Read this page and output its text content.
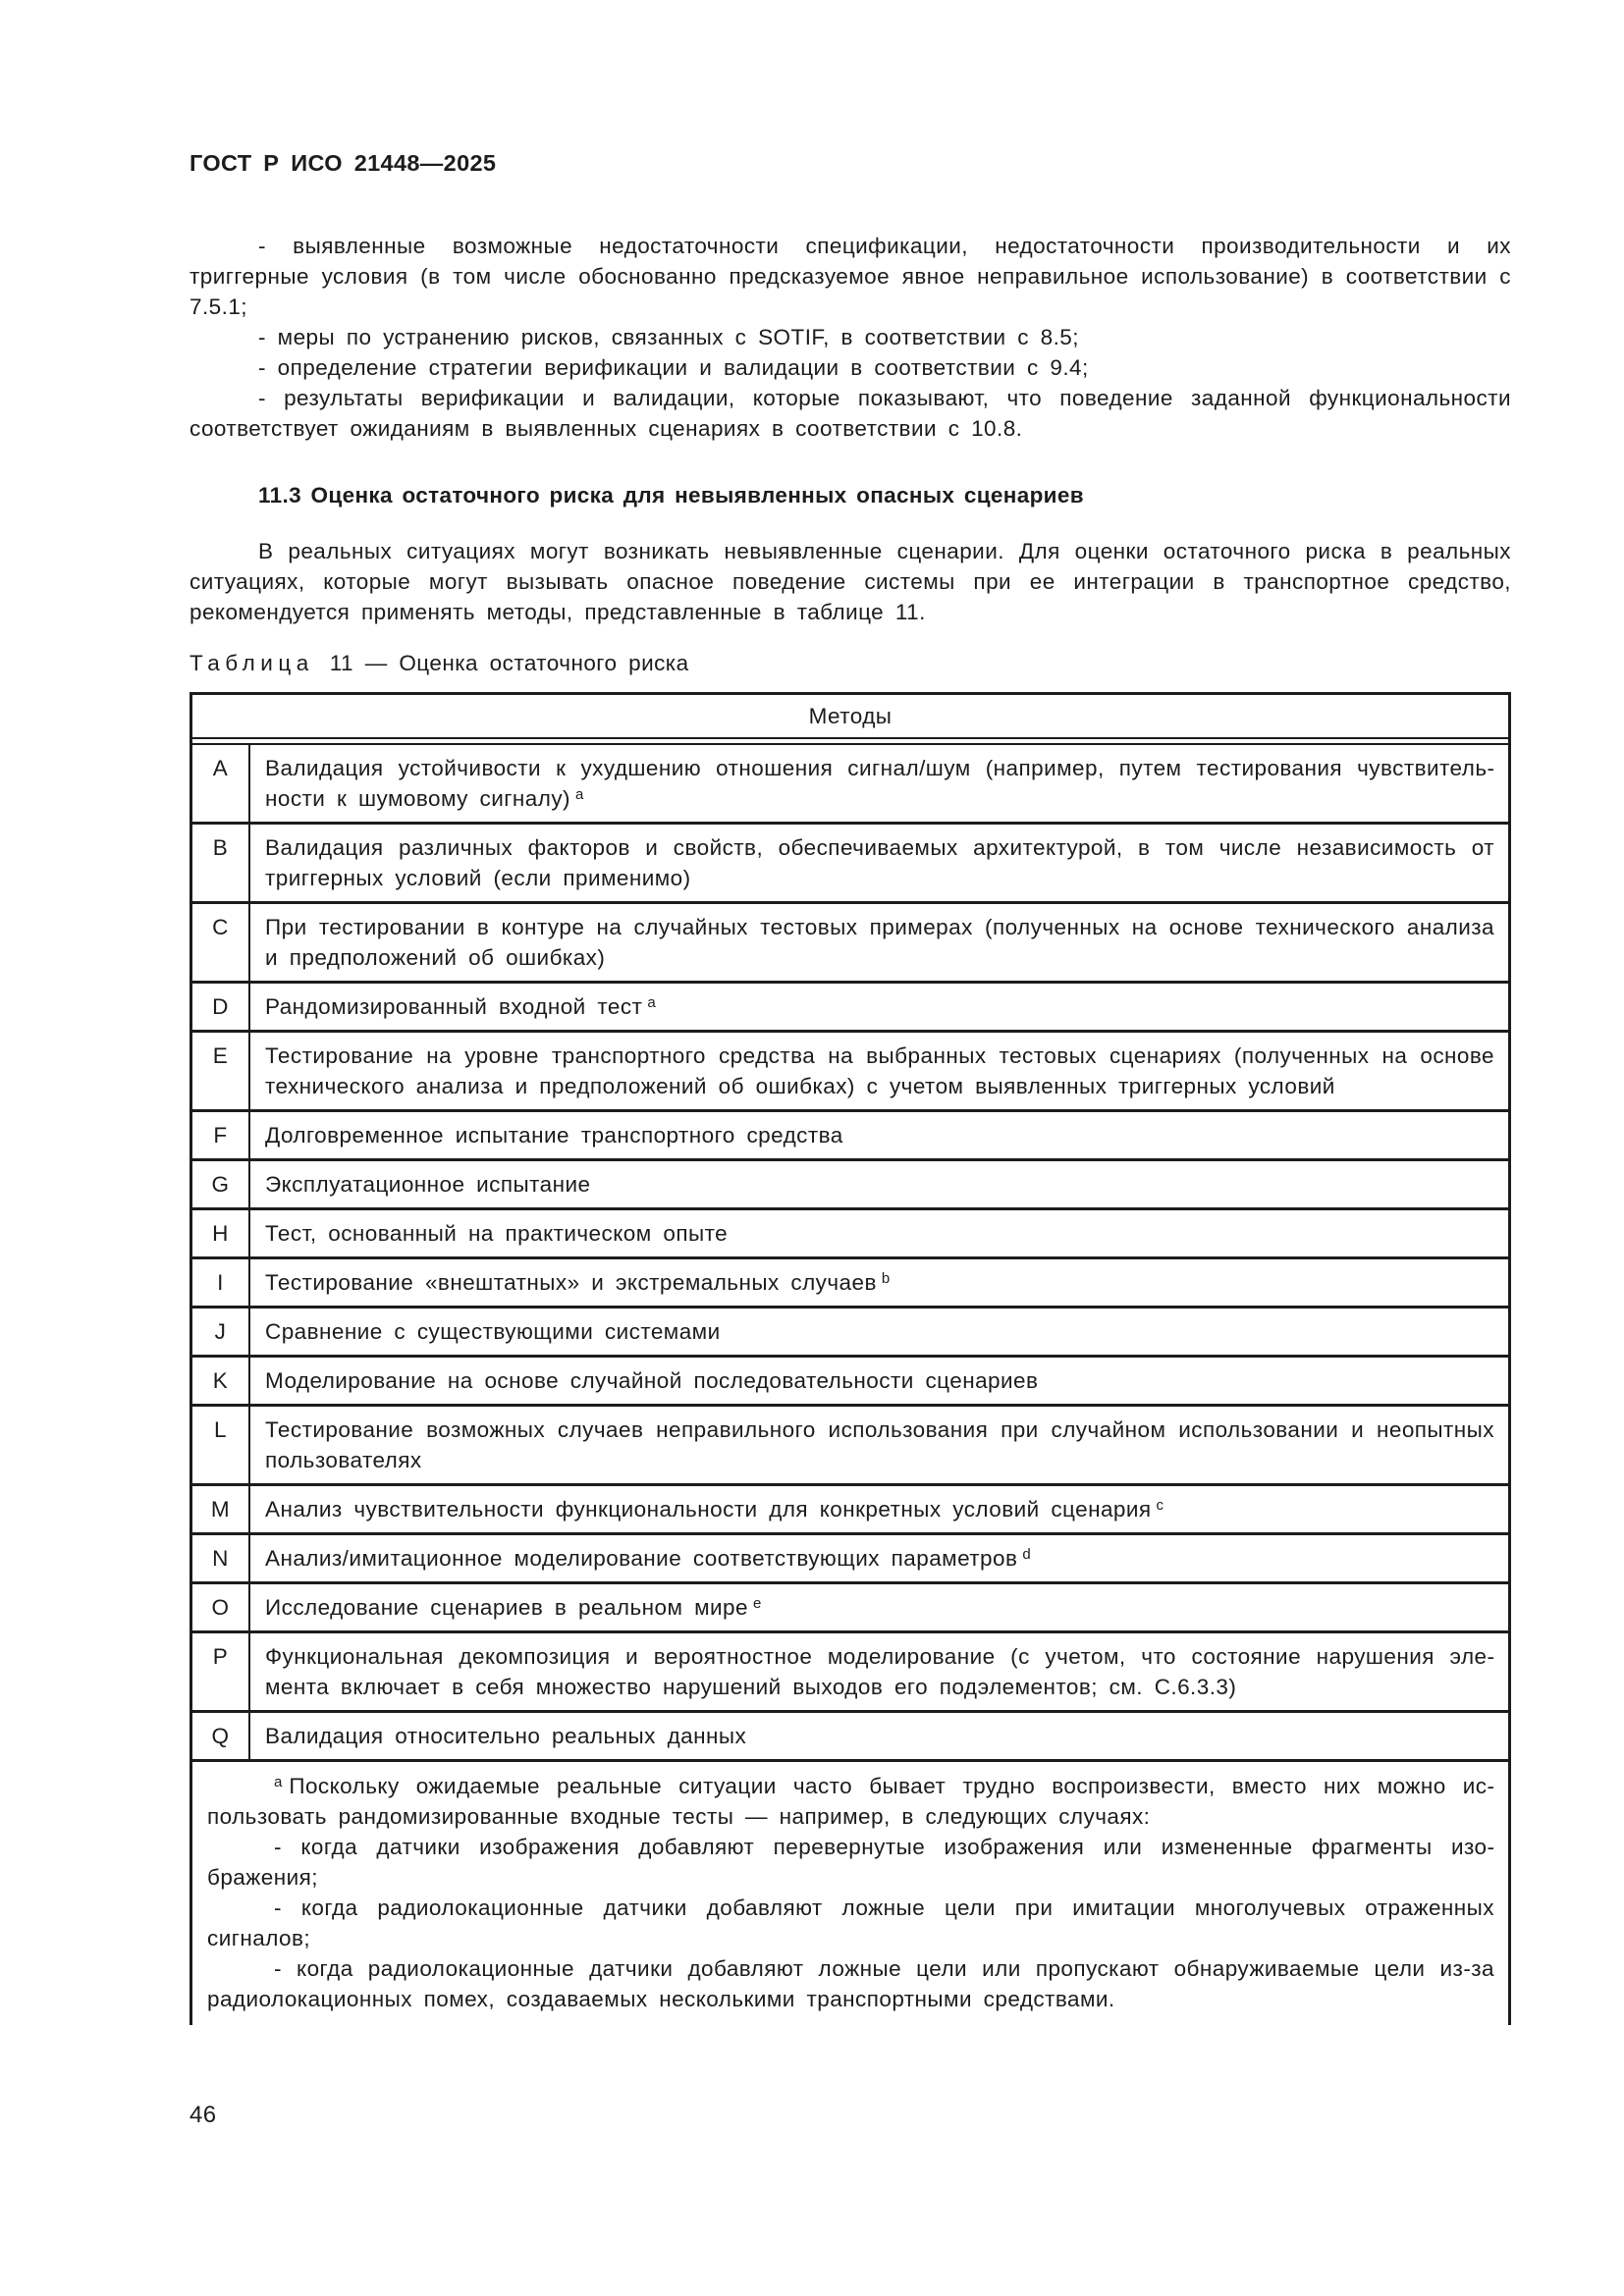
ГОСТ Р ИСО 21448—2025

- выявленные возможные недостаточности спецификации, недостаточности производительности и их триггерные условия (в том числе обоснованно предсказуемое явное неправильное использование) в соответствии с 7.5.1;

- меры по устранению рисков, связанных с SOTIF, в соответствии с 8.5;

- определение стратегии верификации и валидации в соответствии с 9.4;

- результаты верификации и валидации, которые показывают, что поведение заданной функциональности соответствует ожиданиям в выявленных сценариях в соответствии с 10.8.

11.3 Оценка остаточного риска для невыявленных опасных сценариев

В реальных ситуациях могут возникать невыявленные сценарии. Для оценки остаточного риска в реальных ситуациях, которые могут вызывать опасное поведение системы при ее интеграции в транспортное средство, рекомендуется применять методы, представленные в таблице 11.

Таблица 11 — Оценка остаточного риска
Методы
A	Валидация устойчивости к ухудшению отношения сигнал/шум (например, путем тестирования чувствительности к шумовому сигналу) $^a$
B	Валидация различных факторов и свойств, обеспечиваемых архитектурой, в том числе независимость от триггерных условий (если применимо)
C	При тестировании в контуре на случайных тестовых примерах (полученных на основе технического анализа и предположений об ошибках)
D	Рандомизированный входной тест $^a$
E	Тестирование на уровне транспортного средства на выбранных тестовых сценариях (полученных на основе технического анализа и предположений об ошибках) с учетом выявленных триггерных условий
F	Долговременное испытание транспортного средства
G	Эксплуатационное испытание
H	Тест, основанный на практическом опыте
I	Тестирование «внештатных» и экстремальных случаев $^b$
J	Сравнение с существующими системами
K	Моделирование на основе случайной последовательности сценариев
L	Тестирование возможных случаев неправильного использования при случайном использовании и неопытных пользователях
M	Анализ чувствительности функциональности для конкретных условий сценария $^c$
N	Анализ/имитационное моделирование соответствующих параметров $^d$
O	Исследование сценариев в реальном мире $^e$
P	Функциональная декомпозиция и вероятностное моделирование (с учетом, что состояние нарушения элемента включает в себя множество нарушений выходов его подэлементов; см. С.6.3.3)
Q	Валидация относительно реальных данных

$^a$ Поскольку ожидаемые реальные ситуации часто бывает трудно воспроизвести, вместо них можно использовать рандомизированные входные тесты — например, в следующих случаях:

- когда датчики изображения добавляют перевернутые изображения или измененные фрагменты изображения;

- когда радиолокационные датчики добавляют ложные цели при имитации многолучевых отраженных сигналов;

- когда радиолокационные датчики добавляют ложные цели или пропускают обнаруживаемые цели из-за радиолокационных помех, создаваемых несколькими транспортными средствами.

46
